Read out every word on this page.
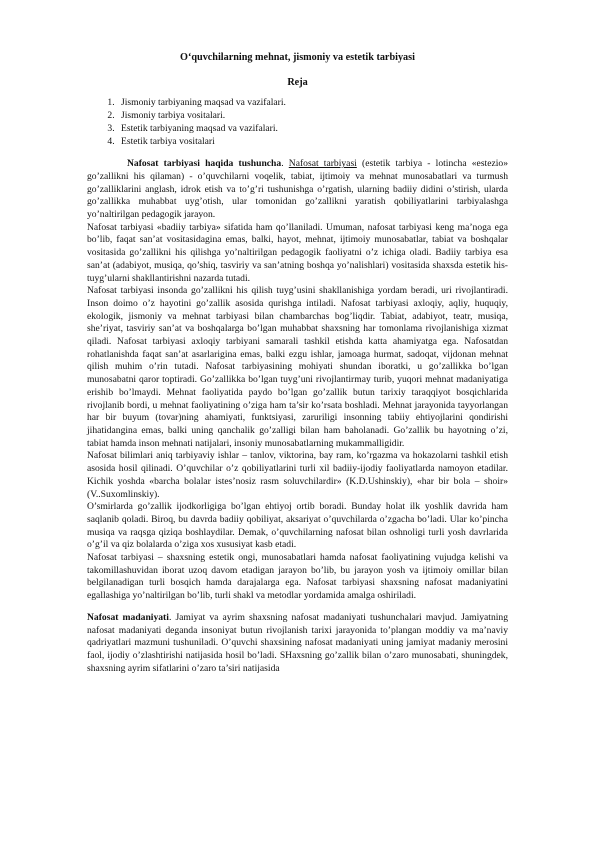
O‘quvchilarning mehnat, jismoniy va estetik tarbiyasi
Reja
1. Jismoniy tarbiyaning maqsad va vazifalari.
2. Jismoniy tarbiya vositalari.
3. Estetik tarbiyaning maqsad va vazifalari.
4. Estetik tarbiya vositalari

Nafosat tarbiyasi haqida tushuncha. Nafosat tarbiyasi (estetik tarbiya - lotincha «estezio» go’zallikni his qilaman) - o’quvchilarni voqelik, tabiat, ijtimoiy va mehnat munosabatlari va turmush go’zalliklarini anglash, idrok etish va to’g’ri tushunishga o’rgatish, ularning badiiy didini o’stirish, ularda go’zallikka muhabbat uyg’otish, ular tomonidan go’zallikni yaratish qobiliyatlarini tarbiyalashga yo’naltirilgan pedagogik jarayon.

Nafosat tarbiyasi «badiiy tarbiya» sifatida ham qo’llaniladi. Umuman, nafosat tarbiyasi keng ma’noga ega bo’lib, faqat san’at vositasidagina emas, balki, hayot, mehnat, ijtimoiy munosabatlar, tabiat va boshqalar vositasida go’zallikni his qilishga yo’naltirilgan pedagogik faoliyatni o’z ichiga oladi. Badiiy tarbiya esa san’at (adabiyot, musiqa, qo’shiq, tasviriy va san’atning boshqa yo’nalishlari) vositasida shaxsda estetik his-tuyg’ularni shakllantirishni nazarda tutadi.

Nafosat tarbiyasi insonda go’zallikni his qilish tuyg’usini shakllanishiga yordam beradi, uri rivojlantiradi. Inson doimo o’z hayotini go’zallik asosida qurishga intiladi. Nafosat tarbiyasi axloqiy, aqliy, huquqiy, ekologik, jismoniy va mehnat tarbiyasi bilan chambarchas bog’liqdir. Tabiat, adabiyot, teatr, musiqa, she’riyat, tasviriy san’at va boshqalarga bo’lgan muhabbat shaxsning har tomonlama rivojlanishiga xizmat qiladi. Nafosat tarbiyasi axloqiy tarbiyani samarali tashkil etishda katta ahamiyatga ega. Nafosatdan rohatlanishda faqat san’at asarlarigina emas, balki ezgu ishlar, jamoaga hurmat, sadoqat, vijdonan mehnat qilish muhim o’rin tutadi. Nafosat tarbiyasining mohiyati shundan iboratki, u go’zallikka bo’lgan munosabatni qaror toptiradi. Go’zallikka bo’lgan tuyg’uni rivojlantirmay turib, yuqori mehnat madaniyatiga erishib bo’lmaydi. Mehnat faoliyatida paydo bo’lgan go’zallik butun tarixiy taraqqiyot bosqichlarida rivojlanib bordi, u mehnat faoliyatining o’ziga ham ta’sir ko’rsata boshladi. Mehnat jarayonida tayyorlangan har bir buyum (tovar)ning ahamiyati, funktsiyasi, zaruriligi insonning tabiiy ehtiyojlarini qondirishi jihatidangina emas, balki uning qanchalik go’zalligi bilan ham baholanadi. Go’zallik bu hayotning o’zi, tabiat hamda inson mehnati natijalari, insoniy munosabatlarning mukammalligidir.

Nafosat bilimlari aniq tarbiyaviy ishlar – tanlov, viktorina, bay ram, ko’rgazma va hokazolarni tashkil etish asosida hosil qilinadi. O’quvchilar o’z qobiliyatlarini turli xil badiiy-ijodiy faoliyatlarda namoyon etadilar. Kichik yoshda «barcha bolalar istes’nosiz rasm soluvchilardir» (K.D.Ushinskiy), «har bir bola – shoir» (V..Suxomlinskiy).

O’smirlarda go’zallik ijodkorligiga bo’lgan ehtiyoj ortib boradi. Bunday holat ilk yoshlik davrida ham saqlanib qoladi. Biroq, bu davrda badiiy qobiliyat, aksariyat o’quvchilarda o’zgacha bo’ladi. Ular ko’pincha musiqa va raqsga qiziqa boshlaydilar. Demak, o’quvchilarning nafosat bilan oshnoligi turli yosh davrlarida o’g’il va qiz bolalarda o’ziga xos xususiyat kasb etadi.

Nafosat tarbiyasi – shaxsning estetik ongi, munosabatlari hamda nafosat faoliyatining vujudga kelishi va takomillashuvidan iborat uzoq davom etadigan jarayon bo’lib, bu jarayon yosh va ijtimoiy omillar bilan belgilanadigan turli bosqich hamda darajalarga ega. Nafosat tarbiyasi shaxsning nafosat madaniyatini egallashiga yo’naltirilgan bo’lib, turli shakl va metodlar yordamida amalga oshiriladi.

Nafosat madaniyati. Jamiyat va ayrim shaxsning nafosat madaniyati tushunchalari mavjud. Jamiyatning nafosat madaniyati deganda insoniyat butun rivojlanish tarixi jarayonida to’plangan moddiy va ma’naviy qadriyatlari mazmuni tushuniladi. O’quvchi shaxsining nafosat madaniyati uning jamiyat madaniy merosini faol, ijodiy o’zlashtirishi natijasida hosil bo’ladi. SHaxsning go’zallik bilan o’zaro munosabati, shuningdek, shaxsning ayrim sifatlarini o’zaro ta’siri natijasida
